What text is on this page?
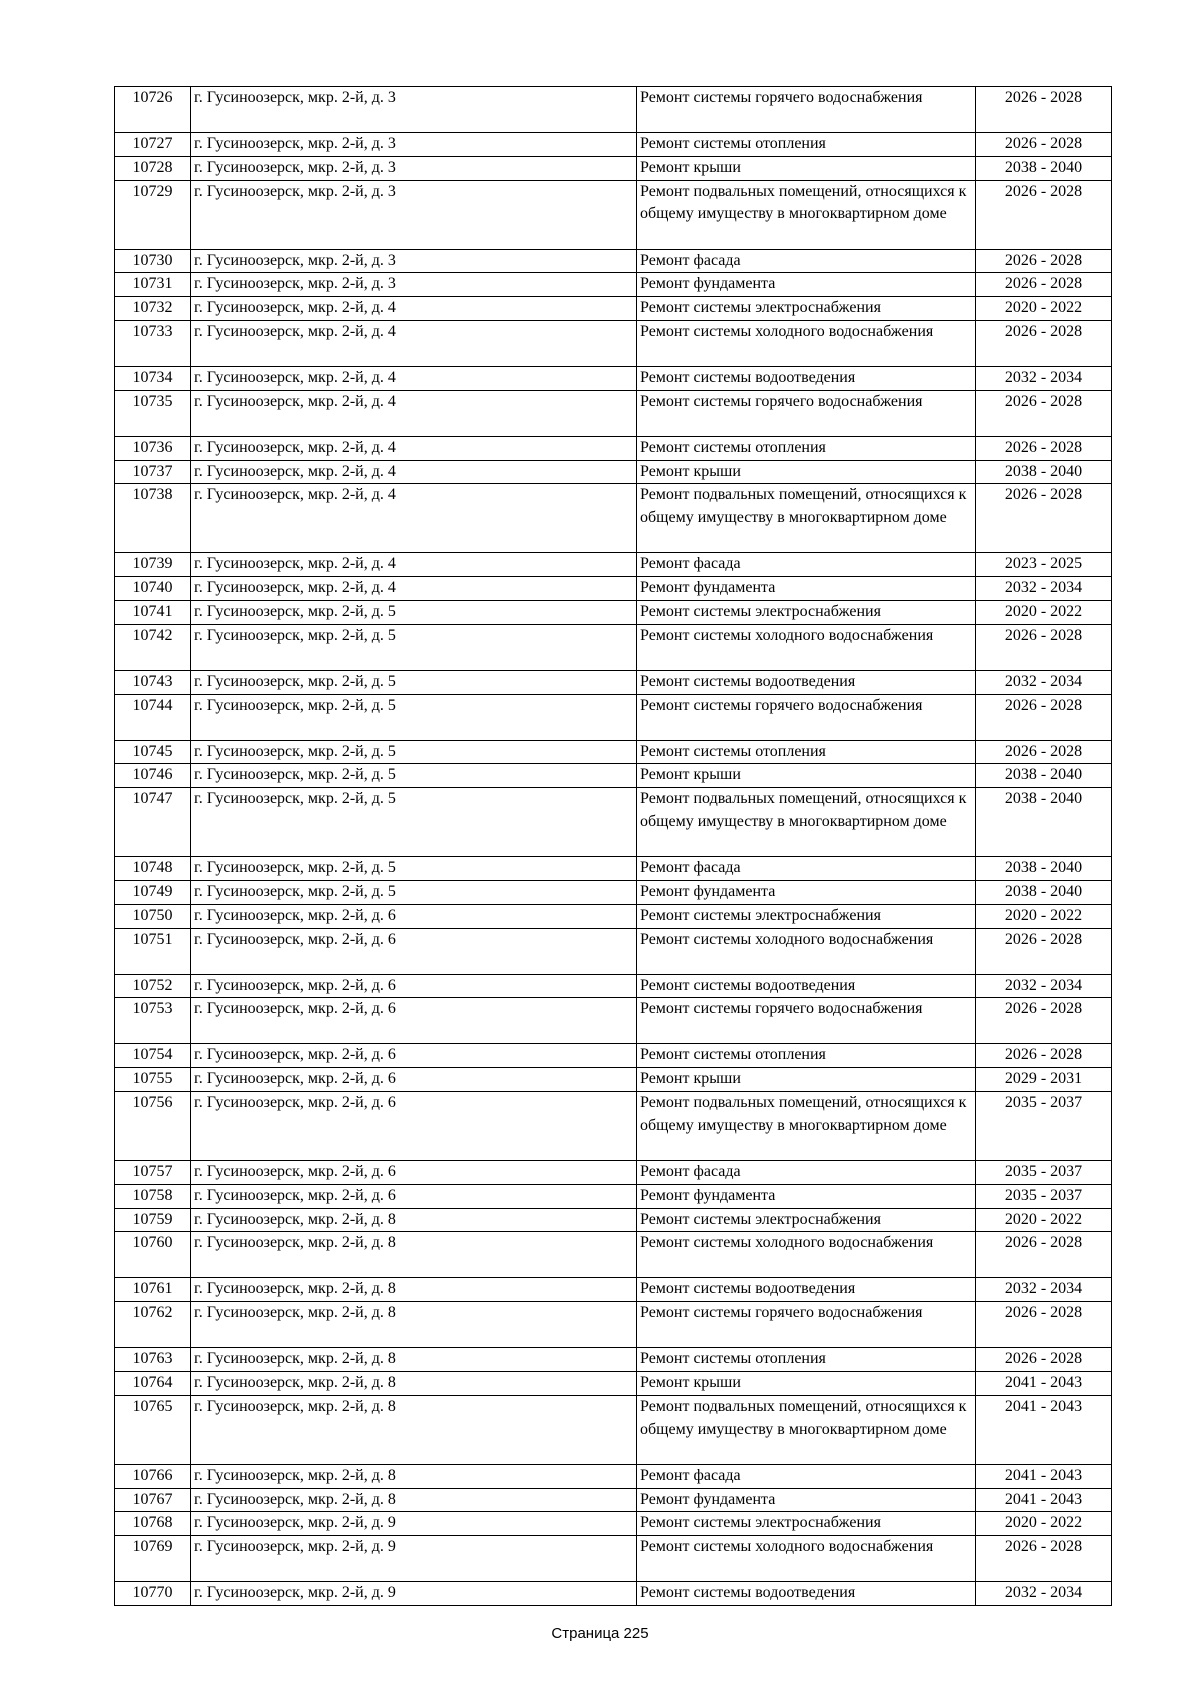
10726	г. Гусиноозерск, мкр. 2-й, д. 3	Ремонт системы горячего водоснабжения	2026 - 2028
10727	г. Гусиноозерск, мкр. 2-й, д. 3	Ремонт системы отопления	2026 - 2028
10728	г. Гусиноозерск, мкр. 2-й, д. 3	Ремонт крыши	2038 - 2040
10729	г. Гусиноозерск, мкр. 2-й, д. 3	Ремонт подвальных помещений, относящихся к общему имуществу в многоквартирном доме	2026 - 2028
10730	г. Гусиноозерск, мкр. 2-й, д. 3	Ремонт фасада	2026 - 2028
10731	г. Гусиноозерск, мкр. 2-й, д. 3	Ремонт фундамента	2026 - 2028
10732	г. Гусиноозерск, мкр. 2-й, д. 4	Ремонт системы электроснабжения	2020 - 2022
10733	г. Гусиноозерск, мкр. 2-й, д. 4	Ремонт системы холодного водоснабжения	2026 - 2028
10734	г. Гусиноозерск, мкр. 2-й, д. 4	Ремонт системы водоотведения	2032 - 2034
10735	г. Гусиноозерск, мкр. 2-й, д. 4	Ремонт системы горячего водоснабжения	2026 - 2028
10736	г. Гусиноозерск, мкр. 2-й, д. 4	Ремонт системы отопления	2026 - 2028
10737	г. Гусиноозерск, мкр. 2-й, д. 4	Ремонт крыши	2038 - 2040
10738	г. Гусиноозерск, мкр. 2-й, д. 4	Ремонт подвальных помещений, относящихся к общему имуществу в многоквартирном доме	2026 - 2028
10739	г. Гусиноозерск, мкр. 2-й, д. 4	Ремонт фасада	2023 - 2025
10740	г. Гусиноозерск, мкр. 2-й, д. 4	Ремонт фундамента	2032 - 2034
10741	г. Гусиноозерск, мкр. 2-й, д. 5	Ремонт системы электроснабжения	2020 - 2022
10742	г. Гусиноозерск, мкр. 2-й, д. 5	Ремонт системы холодного водоснабжения	2026 - 2028
10743	г. Гусиноозерск, мкр. 2-й, д. 5	Ремонт системы водоотведения	2032 - 2034
10744	г. Гусиноозерск, мкр. 2-й, д. 5	Ремонт системы горячего водоснабжения	2026 - 2028
10745	г. Гусиноозерск, мкр. 2-й, д. 5	Ремонт системы отопления	2026 - 2028
10746	г. Гусиноозерск, мкр. 2-й, д. 5	Ремонт крыши	2038 - 2040
10747	г. Гусиноозерск, мкр. 2-й, д. 5	Ремонт подвальных помещений, относящихся к общему имуществу в многоквартирном доме	2038 - 2040
10748	г. Гусиноозерск, мкр. 2-й, д. 5	Ремонт фасада	2038 - 2040
10749	г. Гусиноозерск, мкр. 2-й, д. 5	Ремонт фундамента	2038 - 2040
10750	г. Гусиноозерск, мкр. 2-й, д. 6	Ремонт системы электроснабжения	2020 - 2022
10751	г. Гусиноозерск, мкр. 2-й, д. 6	Ремонт системы холодного водоснабжения	2026 - 2028
10752	г. Гусиноозерск, мкр. 2-й, д. 6	Ремонт системы водоотведения	2032 - 2034
10753	г. Гусиноозерск, мкр. 2-й, д. 6	Ремонт системы горячего водоснабжения	2026 - 2028
10754	г. Гусиноозерск, мкр. 2-й, д. 6	Ремонт системы отопления	2026 - 2028
10755	г. Гусиноозерск, мкр. 2-й, д. 6	Ремонт крыши	2029 - 2031
10756	г. Гусиноозерск, мкр. 2-й, д. 6	Ремонт подвальных помещений, относящихся к общему имуществу в многоквартирном доме	2035 - 2037
10757	г. Гусиноозерск, мкр. 2-й, д. 6	Ремонт фасада	2035 - 2037
10758	г. Гусиноозерск, мкр. 2-й, д. 6	Ремонт фундамента	2035 - 2037
10759	г. Гусиноозерск, мкр. 2-й, д. 8	Ремонт системы электроснабжения	2020 - 2022
10760	г. Гусиноозерск, мкр. 2-й, д. 8	Ремонт системы холодного водоснабжения	2026 - 2028
10761	г. Гусиноозерск, мкр. 2-й, д. 8	Ремонт системы водоотведения	2032 - 2034
10762	г. Гусиноозерск, мкр. 2-й, д. 8	Ремонт системы горячего водоснабжения	2026 - 2028
10763	г. Гусиноозерск, мкр. 2-й, д. 8	Ремонт системы отопления	2026 - 2028
10764	г. Гусиноозерск, мкр. 2-й, д. 8	Ремонт крыши	2041 - 2043
10765	г. Гусиноозерск, мкр. 2-й, д. 8	Ремонт подвальных помещений, относящихся к общему имуществу в многоквартирном доме	2041 - 2043
10766	г. Гусиноозерск, мкр. 2-й, д. 8	Ремонт фасада	2041 - 2043
10767	г. Гусиноозерск, мкр. 2-й, д. 8	Ремонт фундамента	2041 - 2043
10768	г. Гусиноозерск, мкр. 2-й, д. 9	Ремонт системы электроснабжения	2020 - 2022
10769	г. Гусиноозерск, мкр. 2-й, д. 9	Ремонт системы холодного водоснабжения	2026 - 2028
10770	г. Гусиноозерск, мкр. 2-й, д. 9	Ремонт системы водоотведения	2032 - 2034
Страница 225
